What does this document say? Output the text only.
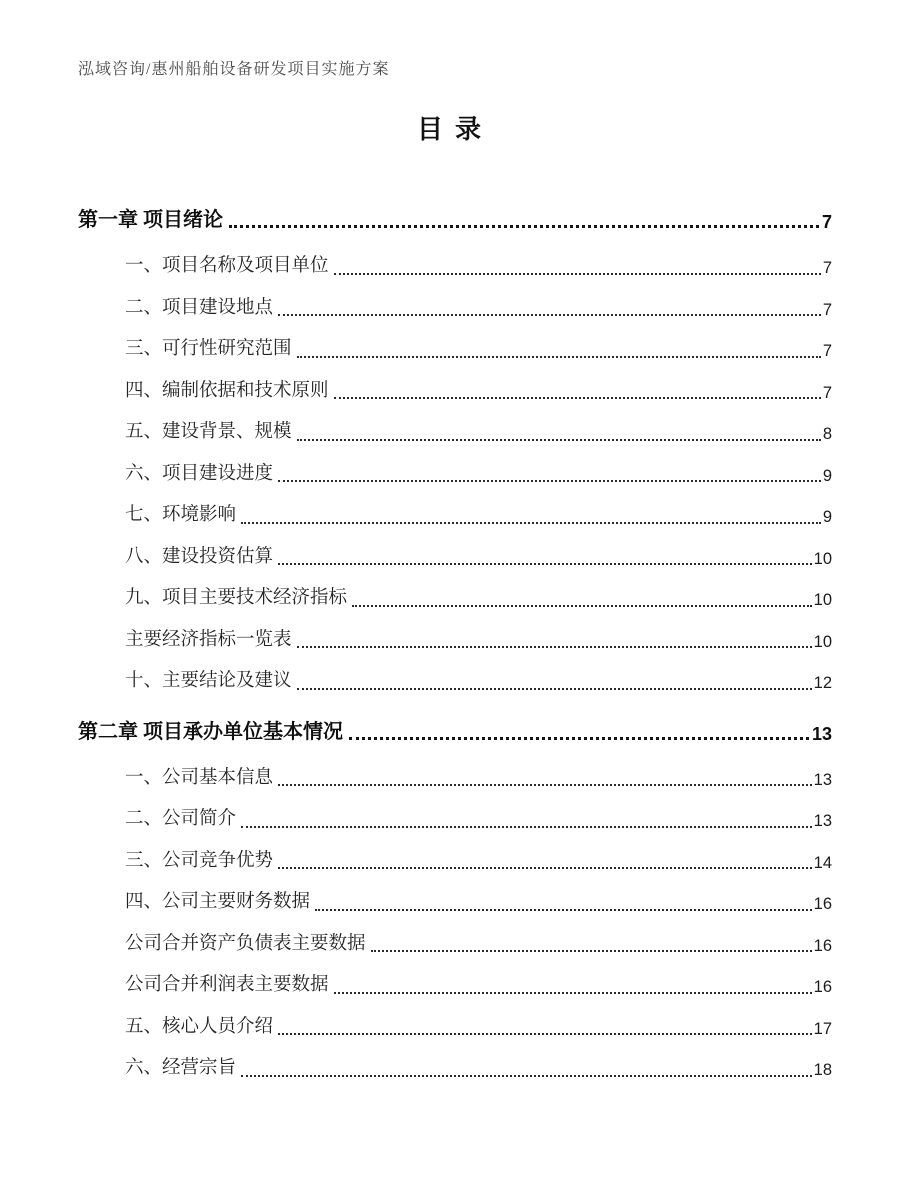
泓域咨询/惠州船舶设备研发项目实施方案
目录
第一章 项目绪论	7
一、项目名称及项目单位	7
二、项目建设地点	7
三、可行性研究范围	7
四、编制依据和技术原则	7
五、建设背景、规模	8
六、项目建设进度	9
七、环境影响	9
八、建设投资估算	10
九、项目主要技术经济指标	10
主要经济指标一览表	10
十、主要结论及建议	12
第二章 项目承办单位基本情况	13
一、公司基本信息	13
二、公司简介	13
三、公司竞争优势	14
四、公司主要财务数据	16
公司合并资产负债表主要数据	16
公司合并利润表主要数据	16
五、核心人员介绍	17
六、经营宗旨	18
